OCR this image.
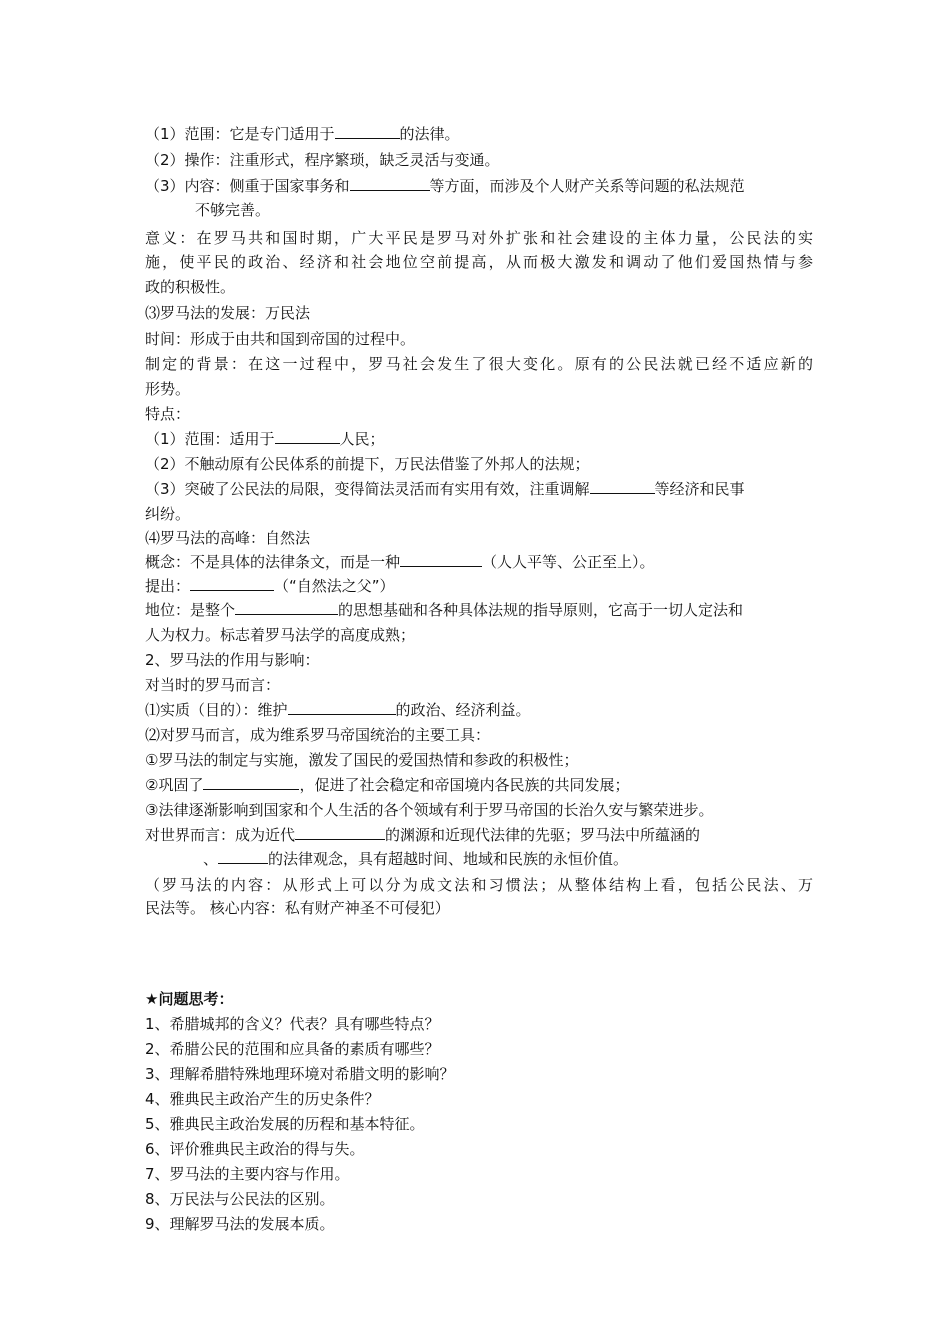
（1）范围：它是专门适用于	的法律。
（2）操作：注重形式，程序繁琐，缺乏灵活与变通。
（3）内容：侧重于国家事务和	等方面，而涉及个人财产关系等问题的私法规范
不够完善。
意义：在罗马共和国时期，广大平民是罗马对外扩张和社会建设的主体力量，公民法的实
施，使平民的政治、经济和社会地位空前提高，从而极大激发和调动了他们爱国热情与参
政的积极性。
⑶罗马法的发展：万民法
时间：形成于由共和国到帝国的过程中。
制定的背景：在这一过程中，罗马社会发生了很大变化。原有的公民法就已经不适应新的
形势。
特点：
（1）范围：适用于	人民；
（2）不触动原有公民体系的前提下，万民法借鉴了外邦人的法规；
（3）突破了公民法的局限，变得简法灵活而有实用有效，注重调解	等经济和民事
纠纷。
⑷罗马法的高峰：自然法
概念：不是具体的法律条文，而是一种	（人人平等、公正至上）。
提出：	（“自然法之父”）
地位：是整个	的思想基础和各种具体法规的指导原则，它高于一切人定法和
人为权力。标志着罗马法学的高度成熟；
2、罗马法的作用与影响：
对当时的罗马而言：
⑴实质（目的）：维护	的政治、经济利益。
⑵对罗马而言，成为维系罗马帝国统治的主要工具：
①罗马法的制定与实施，激发了国民的爱国热情和参政的积极性；
②巩固了	，促进了社会稳定和帝国境内各民族的共同发展；
③法律逐渐影响到国家和个人生活的各个领域有利于罗马帝国的长治久安与繁荣进步。
对世界而言：成为近代	的渊源和近现代法律的先驱；罗马法中所蕴涵的
、	的法律观念，具有超越时间、地域和民族的永恒价值。
（罗马法的内容：从形式上可以分为成文法和习惯法；从整体结构上看，包括公民法、万
民法等。 核心内容：私有财产神圣不可侵犯）
★问题思考：
1、希腊城邦的含义？代表？具有哪些特点？
2、希腊公民的范围和应具备的素质有哪些？
3、理解希腊特殊地理环境对希腊文明的影响？
4、雅典民主政治产生的历史条件？
5、雅典民主政治发展的历程和基本特征。
6、评价雅典民主政治的得与失。
7、罗马法的主要内容与作用。
8、万民法与公民法的区别。
9、理解罗马法的发展本质。
